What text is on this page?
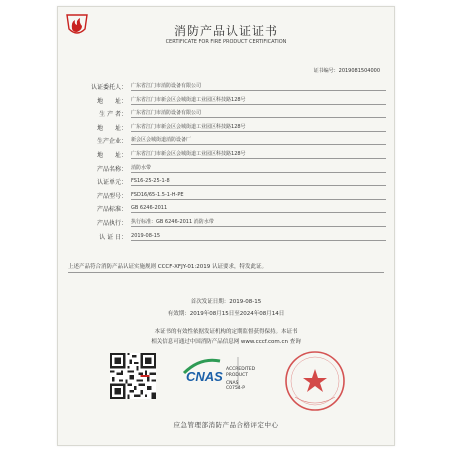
消防产品认证证书
CERTIFICATE FOR FIRE PRODUCT CERTIFICATION
证书编号：2019081504000
认证委托人 ： 广东省江门市消防设备有限公司
地　　址 ： 广东省江门市新会区会城街道工业园区科技路128号
生 产 者 ： 广东省江门市消防设备有限公司
地　　址 ： 广东省江门市新会区会城街道工业园区科技路128号
生产企业 ： 新会区会城街道消防设备厂
地　　址 ： 广东省江门市新会区会城街道工业园区科技路128号
产品名称 ： 消防水带
认证单元 ： FS16-25-25-1-8
产品型号 ： FSD16/65-1.5-1-H-PE
产品标准 ： GB 6246-2011
产品执行 ： 执行标准：GB 6246-2011 消防水带
认 证 日 ： 2019-08-15
上述产品符合消防产品认证实施规则 CCCF-XFJY-01:2019 认证要求，特发此证。
首次发证日期：2019-08-15
有效期：2019年08月15日至2024年08月14日
本证书的有效性依据发证机构的定期监督获得保持。本证书
相关信息可通过中国消防产品信息网 www.cccf.com.cn 查询
CNAS ACCREDITED
PRODUCT
CNAS C0754-P
应急管理部消防产品合格评定中心
